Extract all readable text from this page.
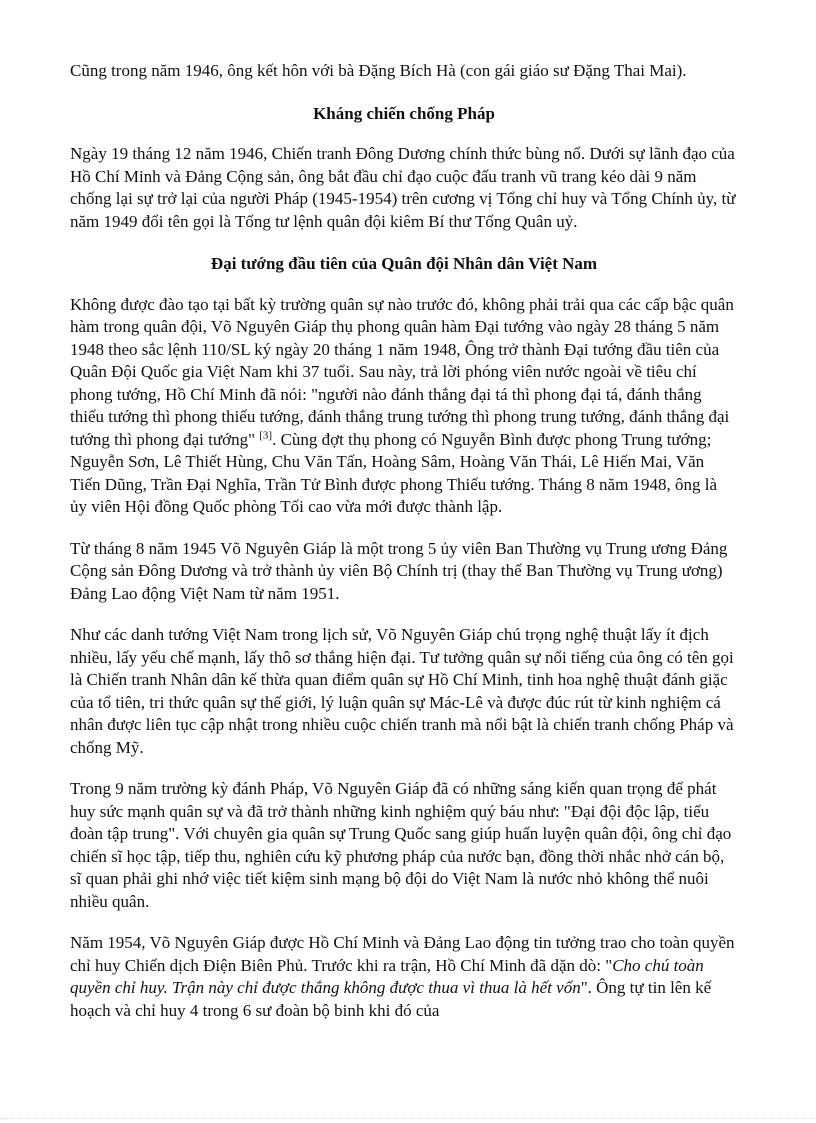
Cũng trong năm 1946, ông kết hôn với bà Đặng Bích Hà (con gái giáo sư Đặng Thai Mai).

Kháng chiến chống Pháp

Ngày 19 tháng 12 năm 1946, Chiến tranh Đông Dương chính thức bùng nổ. Dưới sự lãnh đạo của Hồ Chí Minh và Đảng Cộng sản, ông bắt đầu chỉ đạo cuộc đấu tranh vũ trang kéo dài 9 năm chống lại sự trở lại của người Pháp (1945-1954) trên cương vị Tổng chỉ huy và Tổng Chính ủy, từ năm 1949 đổi tên gọi là Tổng tư lệnh quân đội kiêm Bí thư Tổng Quân uỷ.

Đại tướng đầu tiên của Quân đội Nhân dân Việt Nam

Không được đào tạo tại bất kỳ trường quân sự nào trước đó, không phải trải qua các cấp bậc quân hàm trong quân đội, Võ Nguyên Giáp thụ phong quân hàm Đại tướng vào ngày 28 tháng 5 năm 1948 theo sắc lệnh 110/SL ký ngày 20 tháng 1 năm 1948, Ông trở thành Đại tướng đầu tiên của Quân Đội Quốc gia Việt Nam khi 37 tuổi. Sau này, trả lời phóng viên nước ngoài về tiêu chí phong tướng, Hồ Chí Minh đã nói: "người nào đánh thắng đại tá thì phong đại tá, đánh thắng thiếu tướng thì phong thiếu tướng, đánh thắng trung tướng thì phong trung tướng, đánh thắng đại tướng thì phong đại tướng" [3]. Cùng đợt thụ phong có Nguyễn Bình được phong Trung tướng; Nguyễn Sơn, Lê Thiết Hùng, Chu Văn Tấn, Hoàng Sâm, Hoàng Văn Thái, Lê Hiến Mai, Văn Tiến Dũng, Trần Đại Nghĩa, Trần Tử Bình được phong Thiếu tướng. Tháng 8 năm 1948, ông là ủy viên Hội đồng Quốc phòng Tối cao vừa mới được thành lập.

Từ tháng 8 năm 1945 Võ Nguyên Giáp là một trong 5 ủy viên Ban Thường vụ Trung ương Đảng Cộng sản Đông Dương và trở thành ủy viên Bộ Chính trị (thay thế Ban Thường vụ Trung ương) Đảng Lao động Việt Nam từ năm 1951.

Như các danh tướng Việt Nam trong lịch sử, Võ Nguyên Giáp chú trọng nghệ thuật lấy ít địch nhiều, lấy yếu chế mạnh, lấy thô sơ thắng hiện đại. Tư tưởng quân sự nổi tiếng của ông có tên gọi là Chiến tranh Nhân dân kế thừa quan điểm quân sự Hồ Chí Minh, tinh hoa nghệ thuật đánh giặc của tổ tiên, tri thức quân sự thế giới, lý luận quân sự Mác-Lê và được đúc rút từ kinh nghiệm cá nhân được liên tục cập nhật trong nhiều cuộc chiến tranh mà nổi bật là chiến tranh chống Pháp và chống Mỹ.

Trong 9 năm trường kỳ đánh Pháp, Võ Nguyên Giáp đã có những sáng kiến quan trọng để phát huy sức mạnh quân sự và đã trở thành những kinh nghiệm quý báu như: "Đại đội độc lập, tiểu đoàn tập trung". Với chuyên gia quân sự Trung Quốc sang giúp huấn luyện quân đội, ông chỉ đạo chiến sĩ học tập, tiếp thu, nghiên cứu kỹ phương pháp của nước bạn, đồng thời nhắc nhở cán bộ, sĩ quan phải ghi nhớ việc tiết kiệm sinh mạng bộ đội do Việt Nam là nước nhỏ không thể nuôi nhiều quân.

Năm 1954, Võ Nguyên Giáp được Hồ Chí Minh và Đảng Lao động tin tưởng trao cho toàn quyền chỉ huy Chiến dịch Điện Biên Phủ. Trước khi ra trận, Hồ Chí Minh đã dặn dò: "Cho chú toàn quyền chỉ huy. Trận này chỉ được thắng không được thua vì thua là hết vốn". Ông tự tin lên kế hoạch và chỉ huy 4 trong 6 sư đoàn bộ binh khi đó của
